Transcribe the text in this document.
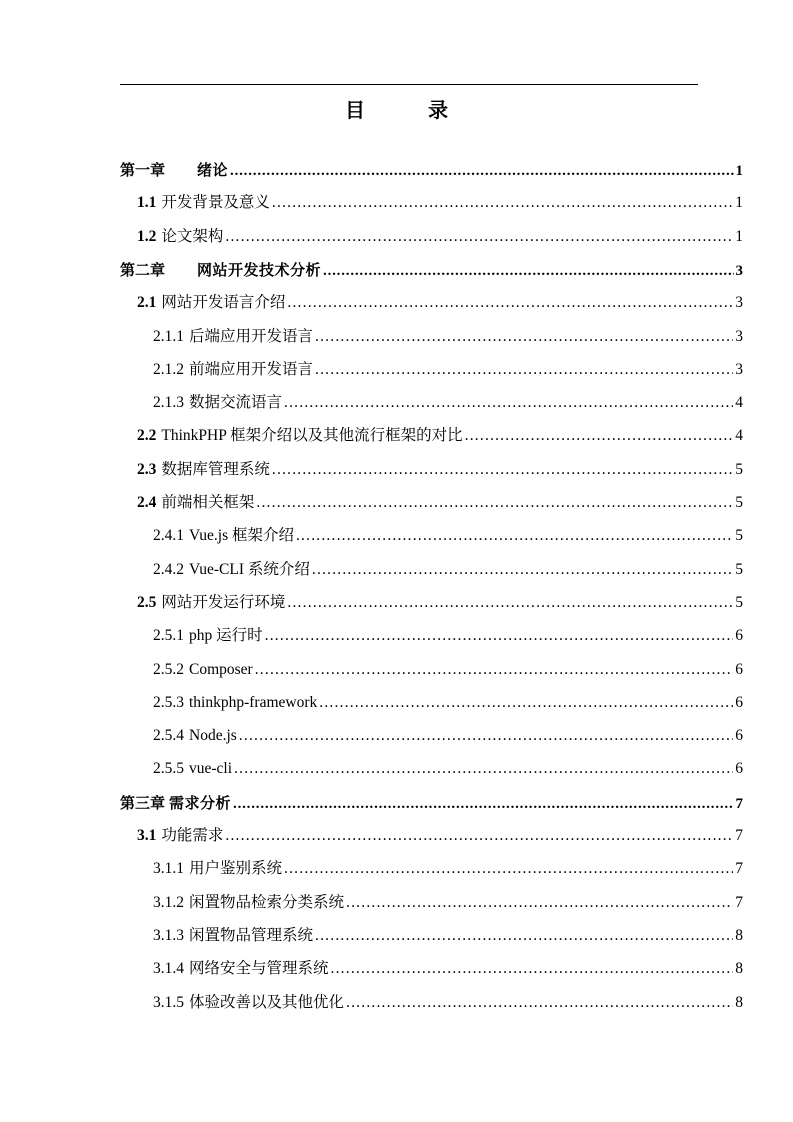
目 录
第一章 绪论 .....	1
1.1 开发背景及意义 .....	1
1.2 论文架构 .....	1
第二章 网站开发技术分析 .....	3
2.1 网站开发语言介绍 .....	3
2.1.1 后端应用开发语言 .....	3
2.1.2 前端应用开发语言 .....	3
2.1.3 数据交流语言 .....	4
2.2 ThinkPHP 框架介绍以及其他流行框架的对比 .....	4
2.3 数据库管理系统 .....	5
2.4 前端相关框架 .....	5
2.4.1 Vue.js 框架介绍 .....	5
2.4.2 Vue-CLI 系统介绍 .....	5
2.5 网站开发运行环境 .....	5
2.5.1 php 运行时 .....	6
2.5.2 Composer .....	6
2.5.3 thinkphp-framework .....	6
2.5.4 Node.js .....	6
2.5.5 vue-cli .....	6
第三章 需求分析 .....	7
3.1 功能需求 .....	7
3.1.1 用户鉴别系统 .....	7
3.1.2 闲置物品检索分类系统 .....	7
3.1.3 闲置物品管理系统 .....	8
3.1.4 网络安全与管理系统 .....	8
3.1.5 体验改善以及其他优化 .....	8
